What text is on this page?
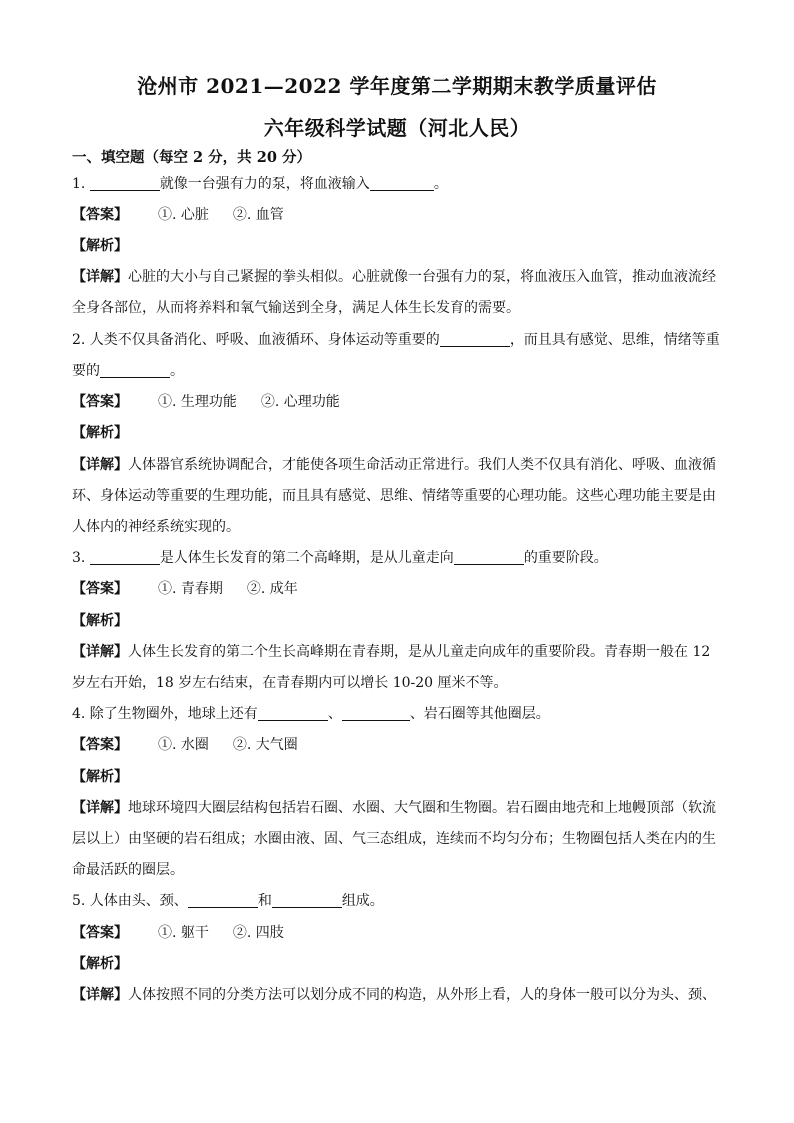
沧州市 2021—2022 学年度第二学期期末教学质量评估
六年级科学试题（河北人民）
一、填空题（每空 2 分，共 20 分）
1.	就像一台强有力的泵，将血液输入	。
【答案】 ①. 心脏 ②. 血管
【解析】
【详解】心脏的大小与自己紧握的拳头相似。心脏就像一台强有力的泵，将血液压入血管，推动血液流经
全身各部位，从而将养料和氧气输送到全身，满足人体生长发育的需要。
2. 人类不仅具备消化、呼吸、血液循环、身体运动等重要的	，而且具有感觉、思维，情绪等重
要的	。
【答案】 ①. 生理功能 ②. 心理功能
【解析】
【详解】人体器官系统协调配合，才能使各项生命活动正常进行。我们人类不仅具有消化、呼吸、血液循
环、身体运动等重要的生理功能，而且具有感觉、思维、情绪等重要的心理功能。这些心理功能主要是由
人体内的神经系统实现的。
3.	是人体生长发育的第二个高峰期，是从儿童走向	的重要阶段。
【答案】 ①. 青春期 ②. 成年
【解析】
【详解】人体生长发育的第二个生长高峰期在青春期，是从儿童走向成年的重要阶段。青春期一般在 12
岁左右开始，18 岁左右结束，在青春期内可以增长 10-20 厘米不等。
4. 除了生物圈外，地球上还有	、	、岩石圈等其他圈层。
【答案】 ①. 水圈 ②. 大气圈
【解析】
【详解】地球环境四大圈层结构包括岩石圈、水圈、大气圈和生物圈。岩石圈由地壳和上地幔顶部（软流
层以上）由坚硬的岩石组成；水圈由液、固、气三态组成，连续而不均匀分布；生物圈包括人类在内的生
命最活跃的圈层。
5. 人体由头、颈、	和	组成。
【答案】 ①. 躯干 ②. 四肢
【解析】
【详解】人体按照不同的分类方法可以划分成不同的构造，从外形上看，人的身体一般可以分为头、颈、
